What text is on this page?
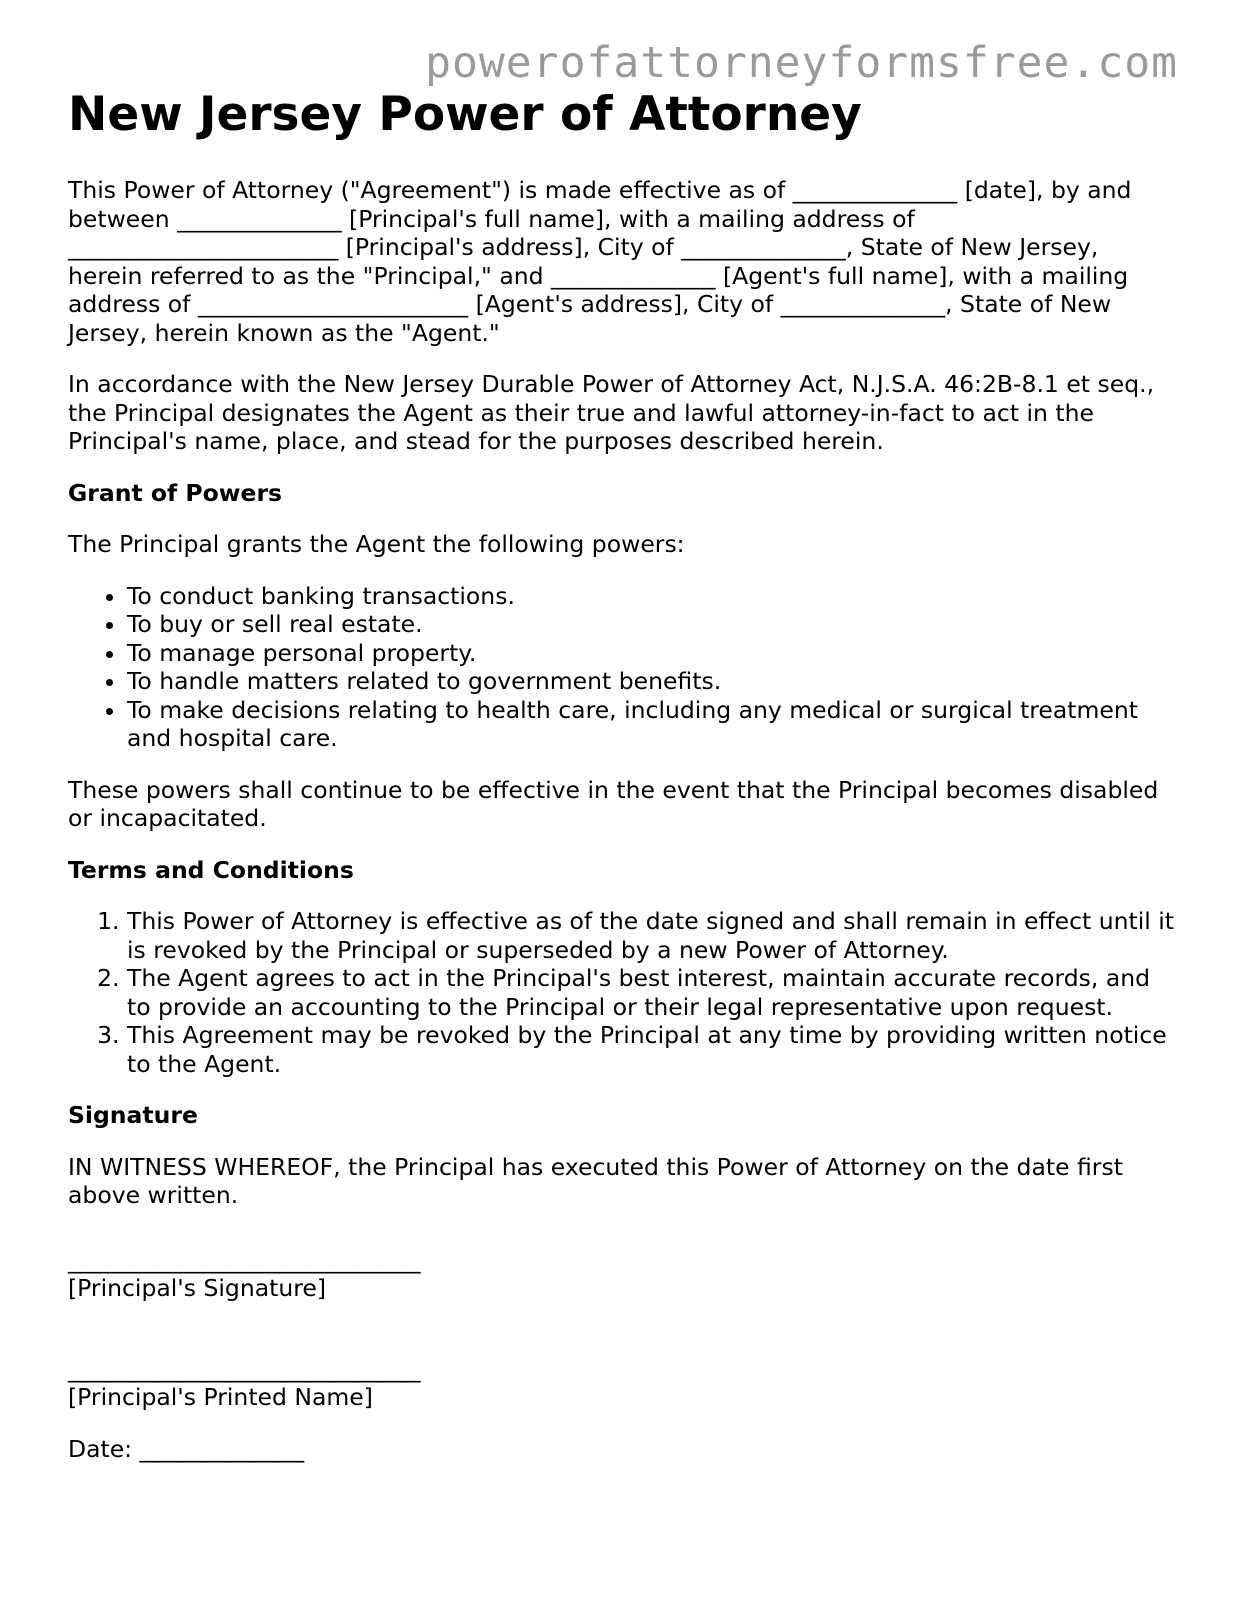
powerofattorneyformsfree.com
New Jersey Power of Attorney

This Power of Attorney ("Agreement") is made effective as of ______________ [date], by and between ______________ [Principal's full name], with a mailing address of _______________________ [Principal's address], City of ______________, State of New Jersey, herein referred to as the "Principal," and ______________ [Agent's full name], with a mailing address of _______________________ [Agent's address], City of ______________, State of New Jersey, herein known as the "Agent."

In accordance with the New Jersey Durable Power of Attorney Act, N.J.S.A. 46:2B-8.1 et seq., the Principal designates the Agent as their true and lawful attorney-in-fact to act in the Principal's name, place, and stead for the purposes described herein.

Grant of Powers

The Principal grants the Agent the following powers:

• To conduct banking transactions.
• To buy or sell real estate.
• To manage personal property.
• To handle matters related to government benefits.
• To make decisions relating to health care, including any medical or surgical treatment and hospital care.

These powers shall continue to be effective in the event that the Principal becomes disabled or incapacitated.

Terms and Conditions
1. This Power of Attorney is effective as of the date signed and shall remain in effect until it is revoked by the Principal or superseded by a new Power of Attorney.
2. The Agent agrees to act in the Principal's best interest, maintain accurate records, and to provide an accounting to the Principal or their legal representative upon request.
3. This Agreement may be revoked by the Principal at any time by providing written notice to the Agent.
Signature

IN WITNESS WHEREOF, the Principal has executed this Power of Attorney on the date first above written.

______________________________

[Principal's Signature]

______________________________

[Principal's Printed Name]

Date: ______________
